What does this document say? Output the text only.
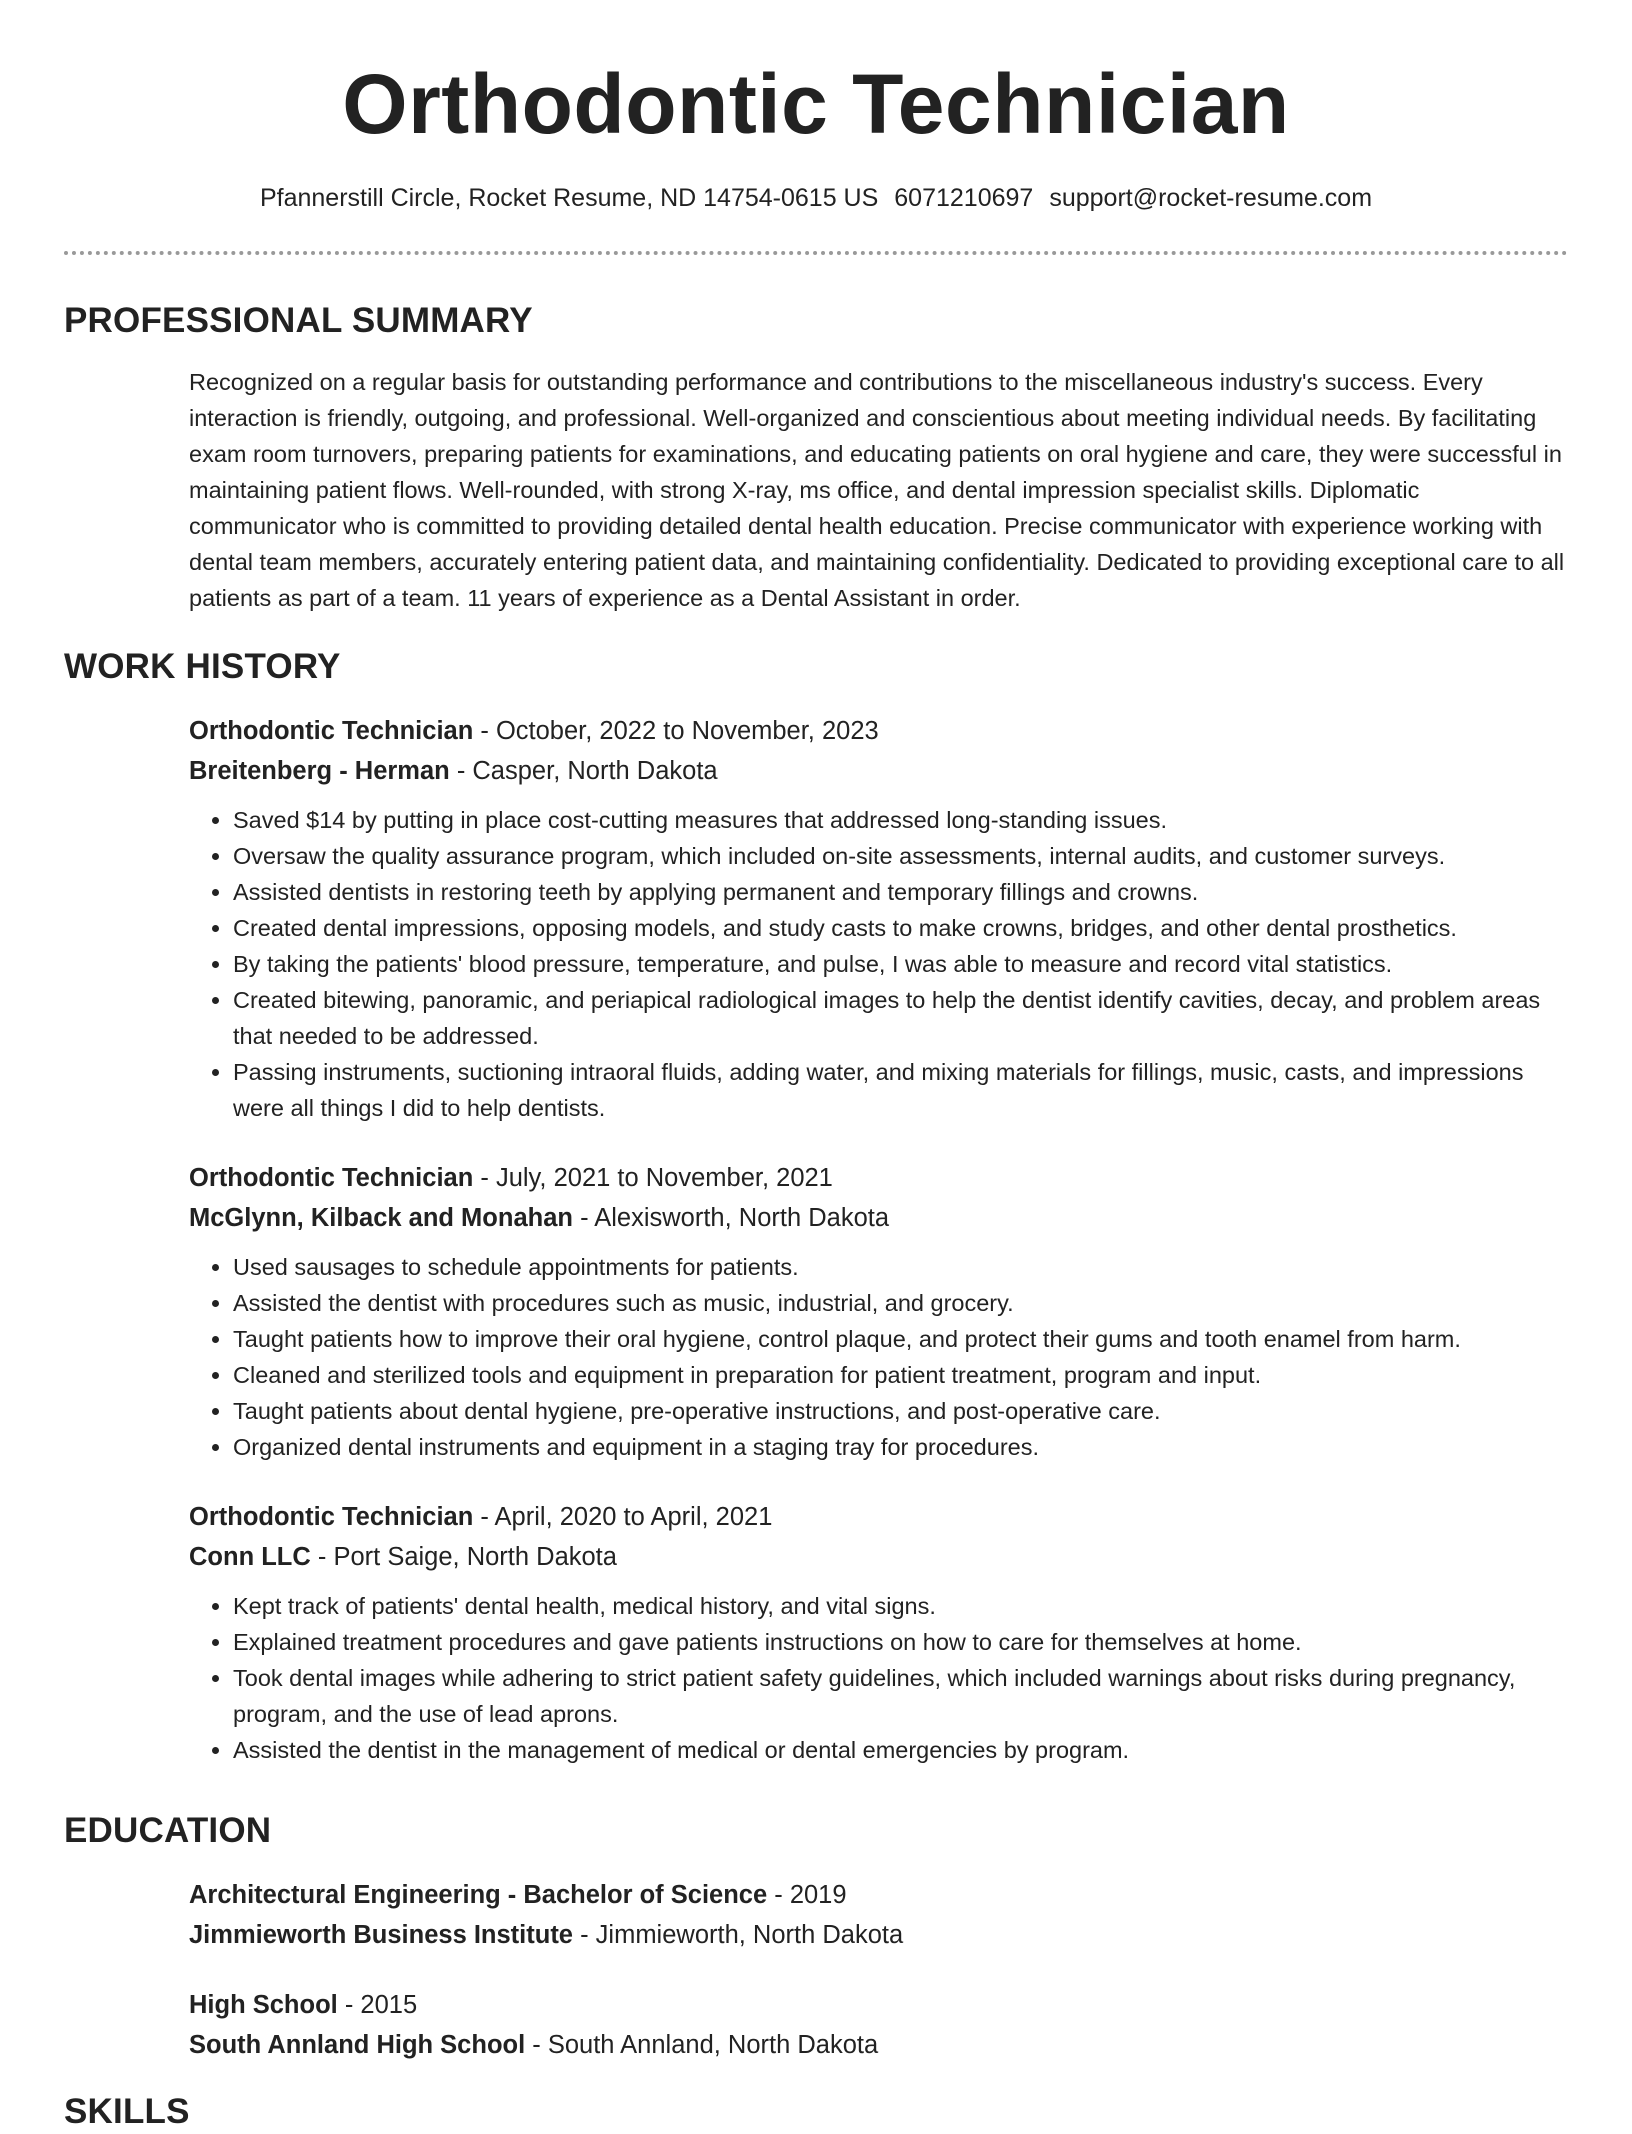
Orthodontic Technician
Pfannerstill Circle, Rocket Resume, ND 14754-0615 US 6071210697 support@rocket-resume.com
PROFESSIONAL SUMMARY

Recognized on a regular basis for outstanding performance and contributions to the miscellaneous industry's success. Every interaction is friendly, outgoing, and professional. Well-organized and conscientious about meeting individual needs. By facilitating exam room turnovers, preparing patients for examinations, and educating patients on oral hygiene and care, they were successful in maintaining patient flows. Well-rounded, with strong X-ray, ms office, and dental impression specialist skills. Diplomatic communicator who is committed to providing detailed dental health education. Precise communicator with experience working with dental team members, accurately entering patient data, and maintaining confidentiality. Dedicated to providing exceptional care to all patients as part of a team. 11 years of experience as a Dental Assistant in order.

WORK HISTORY
Orthodontic Technician - October, 2022 to November, 2023
Breitenberg - Herman - Casper, North Dakota
• Saved $14 by putting in place cost-cutting measures that addressed long-standing issues.
• Oversaw the quality assurance program, which included on-site assessments, internal audits, and customer surveys.
• Assisted dentists in restoring teeth by applying permanent and temporary fillings and crowns.
• Created dental impressions, opposing models, and study casts to make crowns, bridges, and other dental prosthetics.
• By taking the patients' blood pressure, temperature, and pulse, I was able to measure and record vital statistics.
• Created bitewing, panoramic, and periapical radiological images to help the dentist identify cavities, decay, and problem areas that needed to be addressed.
• Passing instruments, suctioning intraoral fluids, adding water, and mixing materials for fillings, music, casts, and impressions were all things I did to help dentists.
Orthodontic Technician - July, 2021 to November, 2021
McGlynn, Kilback and Monahan - Alexisworth, North Dakota
• Used sausages to schedule appointments for patients.
• Assisted the dentist with procedures such as music, industrial, and grocery.
• Taught patients how to improve their oral hygiene, control plaque, and protect their gums and tooth enamel from harm.
• Cleaned and sterilized tools and equipment in preparation for patient treatment, program and input.
• Taught patients about dental hygiene, pre-operative instructions, and post-operative care.
• Organized dental instruments and equipment in a staging tray for procedures.
Orthodontic Technician - April, 2020 to April, 2021
Conn LLC - Port Saige, North Dakota
• Kept track of patients' dental health, medical history, and vital signs.
• Explained treatment procedures and gave patients instructions on how to care for themselves at home.
• Took dental images while adhering to strict patient safety guidelines, which included warnings about risks during pregnancy, program, and the use of lead aprons.
• Assisted the dentist in the management of medical or dental emergencies by program.
EDUCATION
Architectural Engineering - Bachelor of Science - 2019
Jimmieworth Business Institute - Jimmieworth, North Dakota
High School - 2015
South Annland High School - South Annland, North Dakota
SKILLS
